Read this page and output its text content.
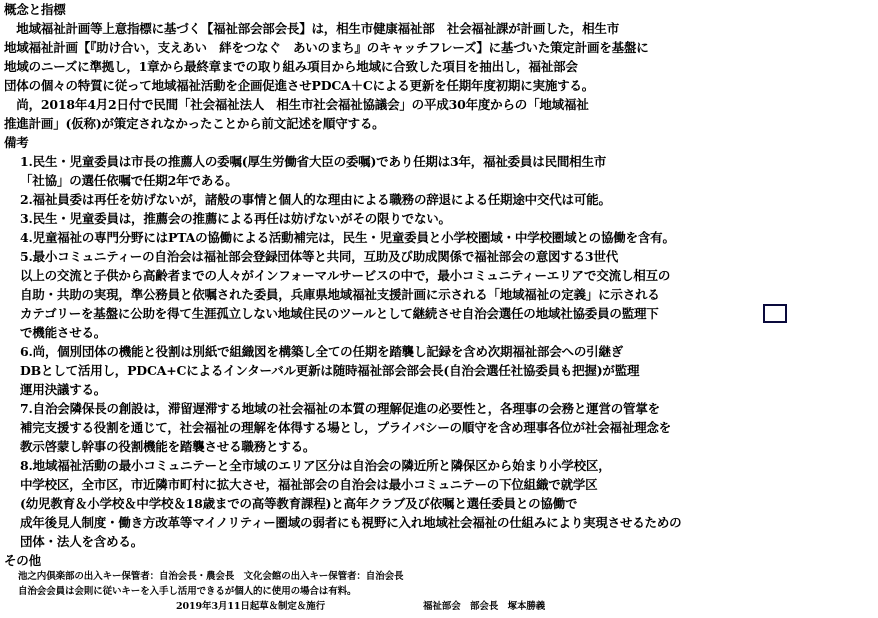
概念と指標
　地域福祉計画等上意指標に基づく【福祉部会部会長】は，相生市健康福祉部　社会福祉課が計画した，相生市
地域福祉計画【『助け合い，支えあい　絆をつなぐ　あいのまち』のキャッチフレーズ】に基づいた策定計画を基盤に
地域のニーズに準拠し，1章から最終章までの取り組み項目から地域に合致した項目を抽出し，福祉部会
団体の個々の特質に従って地域福祉活動を企画促進させPDCA＋Cによる更新を任期年度初期に実施する。
　尚，2018年4月2日付で民間「社会福祉法人　相生市社会福祉協議会」の平成30年度からの「地域福祉
推進計画」(仮称)が策定されなかったことから前文記述を順守する。
備考
1.民生・児童委員は市長の推薦人の委嘱(厚生労働省大臣の委嘱)であり任期は3年，福祉委員は民間相生市
「社協」の選任依嘱で任期2年である。
2.福祉員委は再任を妨げないが，諸般の事情と個人的な理由による職務の辞退による任期途中交代は可能。
3.民生・児童委員は，推薦会の推薦による再任は妨げないがその限りでない。
4.児童福祉の専門分野にはPTAの協働による活動補完は，民生・児童委員と小学校圏域・中学校圏域との協働を含有。
5.最小コミュニティーの自治会は福祉部会登録団体等と共同，互助及び助成関係で福祉部会の意図する3世代
以上の交流と子供から高齢者までの人々がインフォーマルサービスの中で，最小コミュニティーエリアで交流し相互の
自助・共助の実現，準公務員と依嘱された委員，兵庫県地域福祉支援計画に示される「地域福祉の定義」に示される
カテゴリーを基盤に公助を得て生涯孤立しない地域住民のツールとして継続させ自治会選任の地域社協委員の監理下
で機能させる。
6.尚，個別団体の機能と役割は別紙で組織図を構築し全ての任期を踏襲し記録を含め次期福祉部会への引継ぎ
DBとして活用し，PDCA+Cによるインターバル更新は随時福祉部会部会長(自治会選任社協委員も把握)が監理
運用決議する。
7.自治会隣保長の創設は，滞留遅滞する地域の社会福祉の本質の理解促進の必要性と，各理事の会務と運営の管掌を
補完支援する役割を通じて，社会福祉の理解を体得する場とし，プライバシーの順守を含め理事各位が社会福祉理念を
教示啓蒙し幹事の役割機能を踏襲させる職務とする。
8.地域福祉活動の最小コミュニテーと全市域のエリア区分は自治会の隣近所と隣保区から始まり小学校区，
中学校区，全市区，市近隣市町村に拡大させ，福祉部会の自治会は最小コミュニテーの下位組織で就学区
(幼児教育＆小学校＆中学校＆18歳までの高等教育課程)と高年クラブ及び依嘱と選任委員との協働で
成年後見人制度・働き方改革等マイノリティー圏域の弱者にも視野に入れ地域社会福祉の仕組みにより実現させるための
団体・法人を含める。
その他
池之内倶楽部の出入キー保管者：自治会長・農会長　文化会館の出入キー保管者：自治会長
自治会会員は会則に従いキーを入手し活用できるが個人的に使用の場合は有料。
2019年3月11日起草＆制定＆施行	福祉部会　部会長　塚本勝義
